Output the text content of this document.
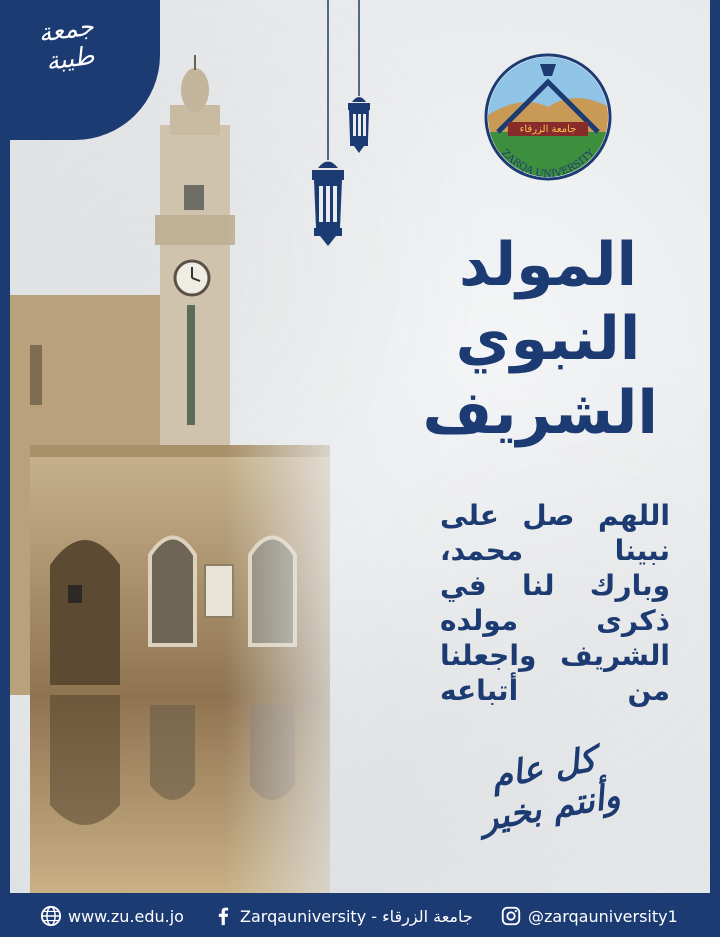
جامعة الزرقاء
ZARQA UNIVERSITY
المولد
النبوي
الشريف
اللهم صل على
نبينا محمد،
وبارك لنا في
ذكرى مولده
الشريف واجعلنا
من أتباعه
كل عام وأنتم بخير
جمعة طيبة
www.zu.edu.jo	Zarqauniversity - جامعة الزرقاء	@zarqauniversity1
